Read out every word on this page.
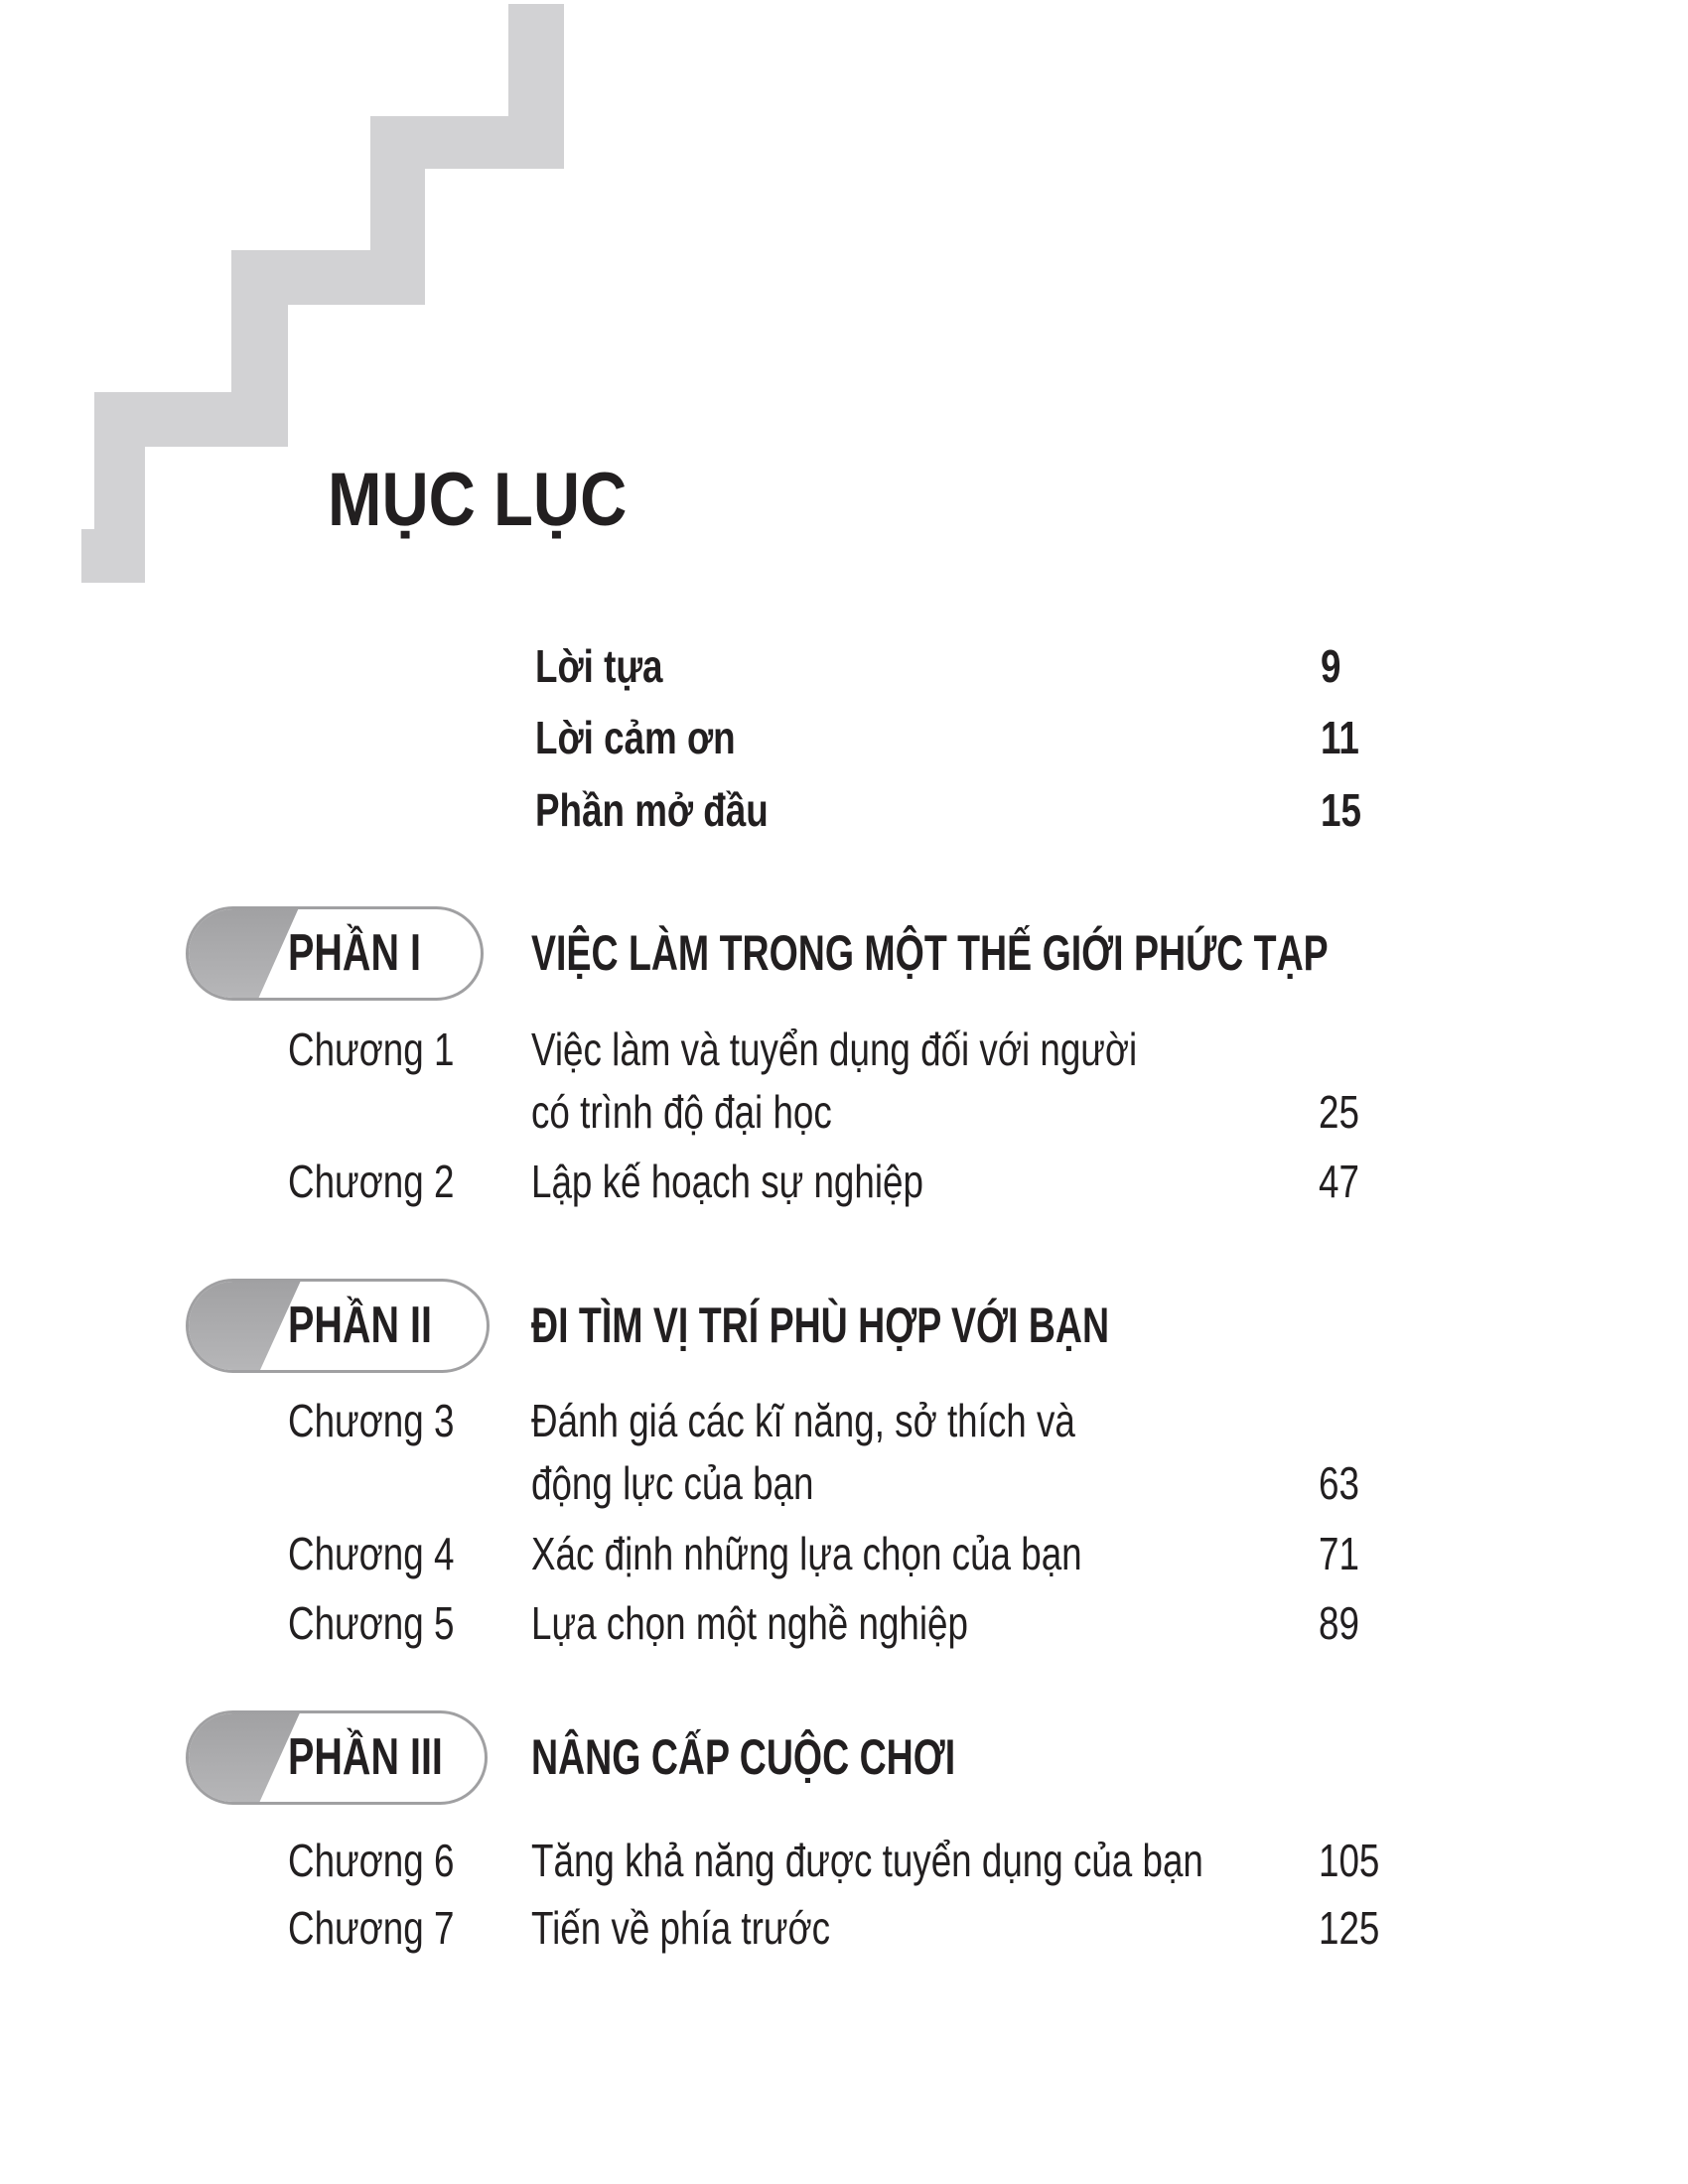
MỤC LỤC
Lời tựa	9
Lời cảm ơn	11
Phần mở đầu	15
PHẦN I	VIỆC LÀM TRONG MỘT THẾ GIỚI PHỨC TẠP
Chương 1	Việc làm và tuyển dụng đối với người
có trình độ đại học	25
Chương 2	Lập kế hoạch sự nghiệp	47
PHẦN II	ĐI TÌM VỊ TRÍ PHÙ HỢP VỚI BẠN
Chương 3	Đánh giá các kĩ năng, sở thích và
động lực của bạn	63
Chương 4	Xác định những lựa chọn của bạn	71
Chương 5	Lựa chọn một nghề nghiệp	89
PHẦN III	NÂNG CẤP CUỘC CHƠI
Chương 6	Tăng khả năng được tuyển dụng của bạn	105
Chương 7	Tiến về phía trước	125
